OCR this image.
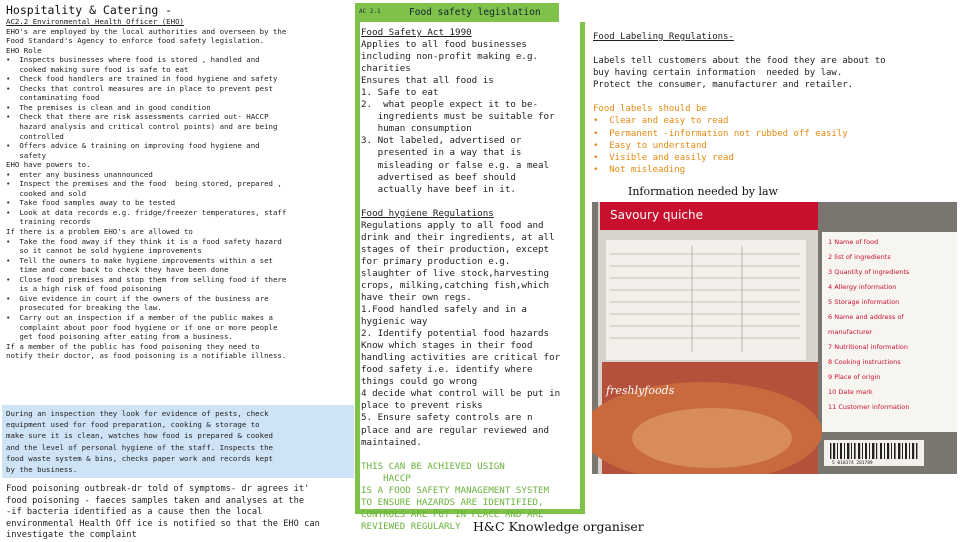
Hospitality & Catering -	AC 2.1	Food safety legislation
AC2.2 Environmental Health Officer (EHO)
EHO's are employed by the local authorities and overseen by the
Food Standard's Agency to enforce food safety legislation.
EHO Role
•  Inspects businesses where food is stored , handled and
cooked making sure food is safe to eat
•  Check food handlers are trained in food hygiene and safety
•  Checks that control measures are in place to prevent pest
contaminating food
•  The premises is clean and in good condition
•  Check that there are risk assessments carried out- HACCP
hazard analysis and critical control points) and are being
controlled
•  Offers advice & training on improving food hygiene and
safety
EHO have powers to.
•  enter any business unannounced
•  Inspect the premises and the food  being stored, prepared ,
cooked and sold
•  Take food samples away to be tested
•  Look at data records e.g. fridge/freezer temperatures, staff
training records
If there is a problem EHO's are allowed to
•  Take the food away if they think it is a food safety hazard
so it cannot be sold hygiene improvements
•  Tell the owners to make hygiene improvements within a set
time and come back to check they have been done
•  Close food premises and stop them from selling food if there
is a high risk of food poisoning
•  Give evidence in court if the owners of the business are
prosecuted for breaking the law.
•  Carry out an inspection if a member of the public makes a
complaint about poor food hygiene or if one or more people
get food poisoning after eating from a business.
If a member of the public has food poisoning they need to
notify their doctor, as food poisoning is a notifiable illness.
During an inspection they look for evidence of pests, check
equipment used for food preparation, cooking & storage to
make sure it is clean, watches how food is prepared & cooked
and the level of personal hygiene of the staff. Inspects the
food waste system & bins, checks paper work and records kept
by the business.
Food poisoning outbreak-dr told of symptoms- dr agrees it'
food poisoning - faeces samples taken and analyses at the
-if bacteria identified as a cause then the local
environmental Health Off ice is notified so that the EHO can
investigate the complaint
Food Safety Act 1990
Applies to all food businesses
including non-profit making e.g.
charities
Ensures that all food is
1. Safe to eat
2.  what people expect it to be-
ingredients must be suitable for
human consumption
3. Not labeled, advertised or
presented in a way that is
misleading or false e.g. a meal
advertised as beef should
actually have beef in it.
Food hygiene Regulations
Regulations apply to all food and
drink and their ingredients, at all
stages of their production, except
for primary production e.g.
slaughter of live stock,harvesting
crops, milking,catching fish,which
have their own regs.
1.Food handled safely and in a
hygienic way
2. Identify potential food hazards
Know which stages in their food
handling activities are critical for
food safety i.e. identify where
things could go wrong
4 decide what control will be put in
place to prevent risks
5. Ensure safety controls are n
place and are regular reviewed and
maintained.
THIS CAN BE ACHIEVED USIGN
HACCP
IS A FOOD SAFETY MANAGEMENT SYSTEM
TO ENSURE HAZARDS ARE IDENTIFIED,
CONTROLS ARE PUT IN PLACE AND ARE
REVIEWED REGULARLY
Food Labeling Regulations-
Labels tell customers about the food they are about to
buy having certain information  needed by law.
Protect the consumer, manufacturer and retailer.
Food labels should be
•  Clear and easy to read
•  Permanent -information not rubbed off easily
•  Easy to understand
•  Visible and easily read
•  Not misleading
Information needed by law
Savoury quiche
freshlyfoods
5 018374 281789
1 Name of food
2 list of ingredients
3 Quantity of ingredients
4 Allergy information
5 Storage information
6 Name and address of
manufacturer
7 Nutritional information
8 Cooking instructions
9 Place of origin
10 Date mark
11 Customer information
H&C Knowledge organiser
